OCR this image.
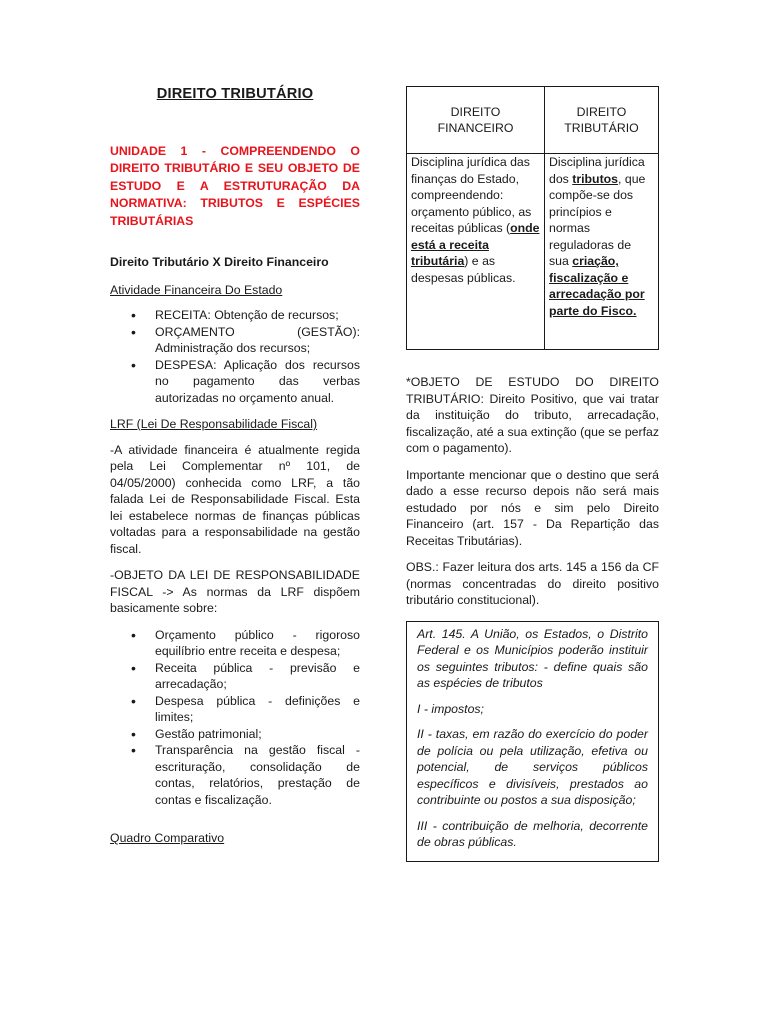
DIREITO TRIBUTÁRIO

UNIDADE 1 - COMPREENDENDO O DIREITO TRIBUTÁRIO E SEU OBJETO DE ESTUDO E A ESTRUTURAÇÃO DA NORMATIVA: TRIBUTOS E ESPÉCIES TRIBUTÁRIAS

Direito Tributário X Direito Financeiro

Atividade Financeira Do Estado

• RECEITA: Obtenção de recursos;
• ORÇAMENTO (GESTÃO): Administração dos recursos;
• DESPESA: Aplicação dos recursos no pagamento das verbas autorizadas no orçamento anual.

LRF (Lei De Responsabilidade Fiscal)

-A atividade financeira é atualmente regida pela Lei Complementar nº 101, de 04/05/2000) conhecida como LRF, a tão falada Lei de Responsabilidade Fiscal. Esta lei estabelece normas de finanças públicas voltadas para a responsabilidade na gestão fiscal.

-OBJETO DA LEI DE RESPONSABILIDADE FISCAL -> As normas da LRF dispõem basicamente sobre:

• Orçamento público - rigoroso equilíbrio entre receita e despesa;
• Receita pública - previsão e arrecadação;
• Despesa pública - definições e limites;
• Gestão patrimonial;
• Transparência na gestão fiscal - escrituração, consolidação de contas, relatórios, prestação de contas e fiscalização.

Quadro Comparativo

DIREITO FINANCEIRO	DIREITO TRIBUTÁRIO
Disciplina jurídica das finanças do Estado, compreendendo: orçamento público, as receitas públicas (onde está a receita tributária) e as despesas públicas.	Disciplina jurídica dos tributos, que compõe-se dos princípios e normas reguladoras de sua criação, fiscalização e arrecadação por parte do Fisco.

*OBJETO DE ESTUDO DO DIREITO TRIBUTÁRIO: Direito Positivo, que vai tratar da instituição do tributo, arrecadação, fiscalização, até a sua extinção (que se perfaz com o pagamento).

Importante mencionar que o destino que será dado a esse recurso depois não será mais estudado por nós e sim pelo Direito Financeiro (art. 157 - Da Repartição das Receitas Tributárias).

OBS.: Fazer leitura dos arts. 145 a 156 da CF (normas concentradas do direito positivo tributário constitucional).

Art. 145. A União, os Estados, o Distrito Federal e os Municípios poderão instituir os seguintes tributos: - define quais são as espécies de tributos

I - impostos;

II - taxas, em razão do exercício do poder de polícia ou pela utilização, efetiva ou potencial, de serviços públicos específicos e divisíveis, prestados ao contribuinte ou postos a sua disposição;

III - contribuição de melhoria, decorrente de obras públicas.
